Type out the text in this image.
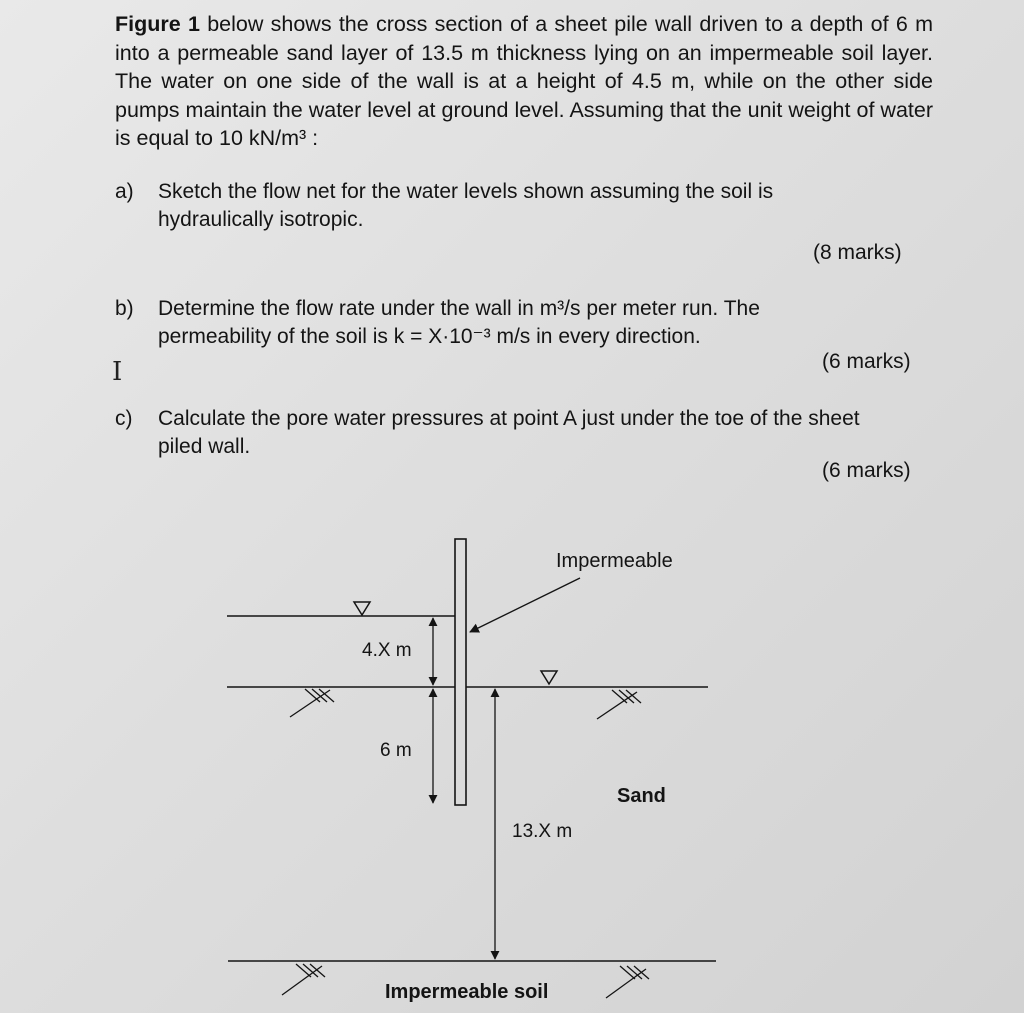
Figure 1 below shows the cross section of a sheet pile wall driven to a depth of 6 m into a permeable sand layer of 13.5 m thickness lying on an impermeable soil layer. The water on one side of the wall is at a height of 4.5 m, while on the other side pumps maintain the water level at ground level. Assuming that the unit weight of water is equal to 10 kN/m³ :

a) Sketch the flow net for the water levels shown assuming the soil is hydraulically isotropic.
(8 marks)
b) Determine the flow rate under the wall in m³/s per meter run. The permeability of the soil is k = X·10⁻³ m/s in every direction.
(6 marks)
I
c) Calculate the pore water pressures at point A just under the toe of the sheet piled wall.
(6 marks)
Impermeable
4.X m
6 m
13.X m
Sand
Impermeable soil
